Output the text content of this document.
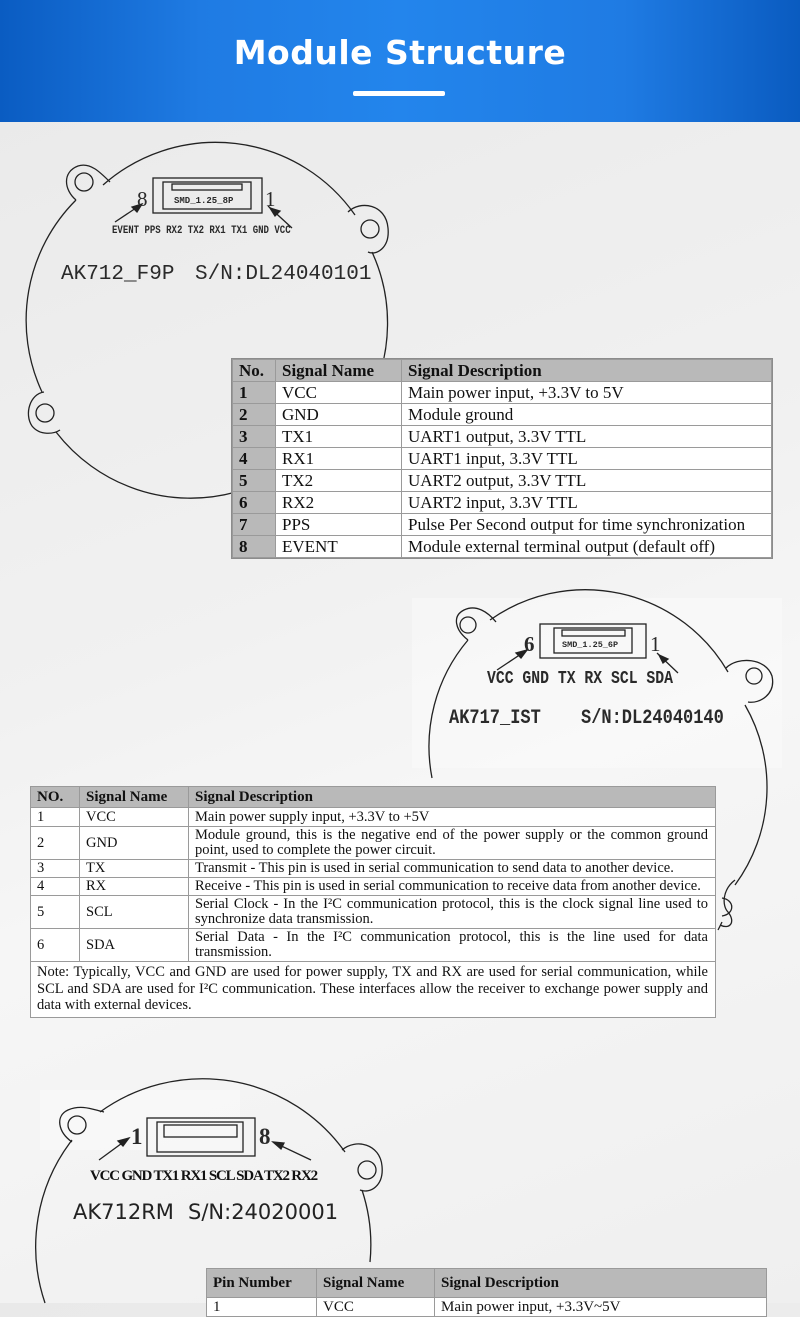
Module Structure
8	1
SMD_1.25_8P
EVENT PPS RX2 TX2 RX1 TX1 GND VCC
AK712_F9P S/N:DL24040101
No.	Signal Name	Signal Description
1	VCC	Main power input, +3.3V to 5V
2	GND	Module ground
3	TX1	UART1 output, 3.3V TTL
4	RX1	UART1 input, 3.3V TTL
5	TX2	UART2 output, 3.3V TTL
6	RX2	UART2 input, 3.3V TTL
7	PPS	Pulse Per Second output for time synchronization
8	EVENT	Module external terminal output (default off)
6	1
SMD_1.25_6P
VCC GND TX RX SCL SDA
AK717_IST S/N:DL24040140
NO.	Signal Name	Signal Description
1	VCC	Main power supply input, +3.3V to +5V
2	GND	Module ground, this is the negative end of the power supply or the common ground point, used to complete the power circuit.
3	TX	Transmit - This pin is used in serial communication to send data to another device.
4	RX	Receive - This pin is used in serial communication to receive data from another device.
5	SCL	Serial Clock - In the I²C communication protocol, this is the clock signal line used to synchronize data transmission.
6	SDA	Serial Data - In the I²C communication protocol, this is the line used for data transmission.
Note: Typically, VCC and GND are used for power supply, TX and RX are used for serial communication, while SCL and SDA are used for I²C communication. These interfaces allow the receiver to exchange power supply and data with external devices.		
1	8
VCC GND TX1 RX1 SCL SDA TX2 RX2
AK712RM S/N:24020001
Pin Number	Signal Name	Signal Description
1	VCC	Main power input, +3.3V~5V
